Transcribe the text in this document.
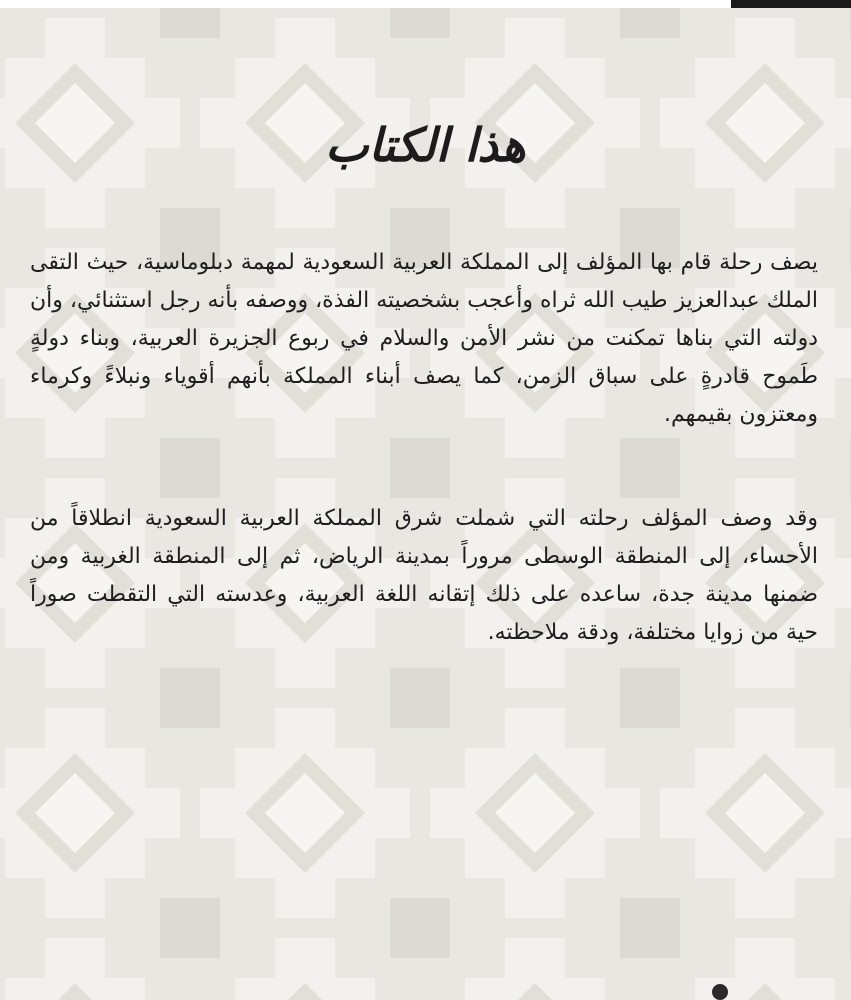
هذا الكتاب
يصف رحلة قام بها المؤلف إلى المملكة العربية السعودية لمهمة دبلوماسية، حيث التقى الملك عبدالعزيز طيب الله ثراه وأعجب بشخصيته الفذة، ووصفه بأنه رجل استثنائي، وأن دولته التي بناها تمكنت من نشر الأمن والسلام في ربوع الجزيرة العربية، وبناء دولةٍ طَموح قادرةٍ على سباق الزمن، كما يصف أبناء المملكة بأنهم أقوياء ونبلاءً وكرماء ومعتزون بقيمهم.
وقد وصف المؤلف رحلته التي شملت شرق المملكة العربية السعودية انطلاقاً من الأحساء، إلى المنطقة الوسطى مروراً بمدينة الرياض، ثم إلى المنطقة الغربية ومن ضمنها مدينة جدة، ساعده على ذلك إتقانه اللغة العربية، وعدسته التي التقطت صوراً حية من زوايا مختلفة، ودقة ملاحظته.
